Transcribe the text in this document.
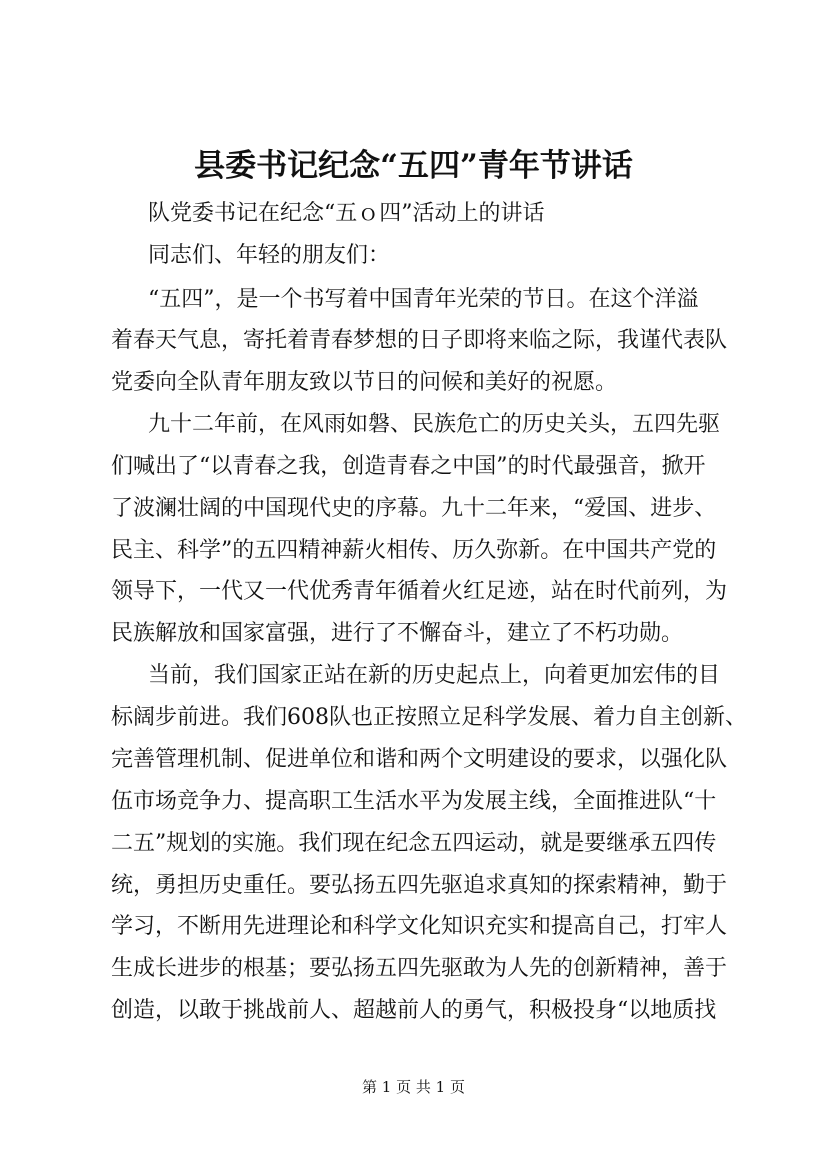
县委书记纪念“五四”青年节讲话
队党委书记在纪念“五ｏ四”活动上的讲话
同志们、年轻的朋友们：
“五四”，是一个书写着中国青年光荣的节日。在这个洋溢
着春天气息，寄托着青春梦想的日子即将来临之际，我谨代表队
党委向全队青年朋友致以节日的问候和美好的祝愿。
九十二年前，在风雨如磐、民族危亡的历史关头，五四先驱
们喊出了“以青春之我，创造青春之中国”的时代最强音，掀开
了波澜壮阔的中国现代史的序幕。九十二年来，“爱国、进步、
民主、科学”的五四精神薪火相传、历久弥新。在中国共产党的
领导下，一代又一代优秀青年循着火红足迹，站在时代前列，为
民族解放和国家富强，进行了不懈奋斗，建立了不朽功勋。
当前，我们国家正站在新的历史起点上，向着更加宏伟的目
标阔步前进。我们608队也正按照立足科学发展、着力自主创新、
完善管理机制、促进单位和谐和两个文明建设的要求，以强化队
伍市场竞争力、提高职工生活水平为发展主线，全面推进队“十
二五”规划的实施。我们现在纪念五四运动，就是要继承五四传
统，勇担历史重任。要弘扬五四先驱追求真知的探索精神，勤于
学习，不断用先进理论和科学文化知识充实和提高自己，打牢人
生成长进步的根基；要弘扬五四先驱敢为人先的创新精神，善于
创造，以敢于挑战前人、超越前人的勇气，积极投身“以地质找
第 1 页 共 1 页
